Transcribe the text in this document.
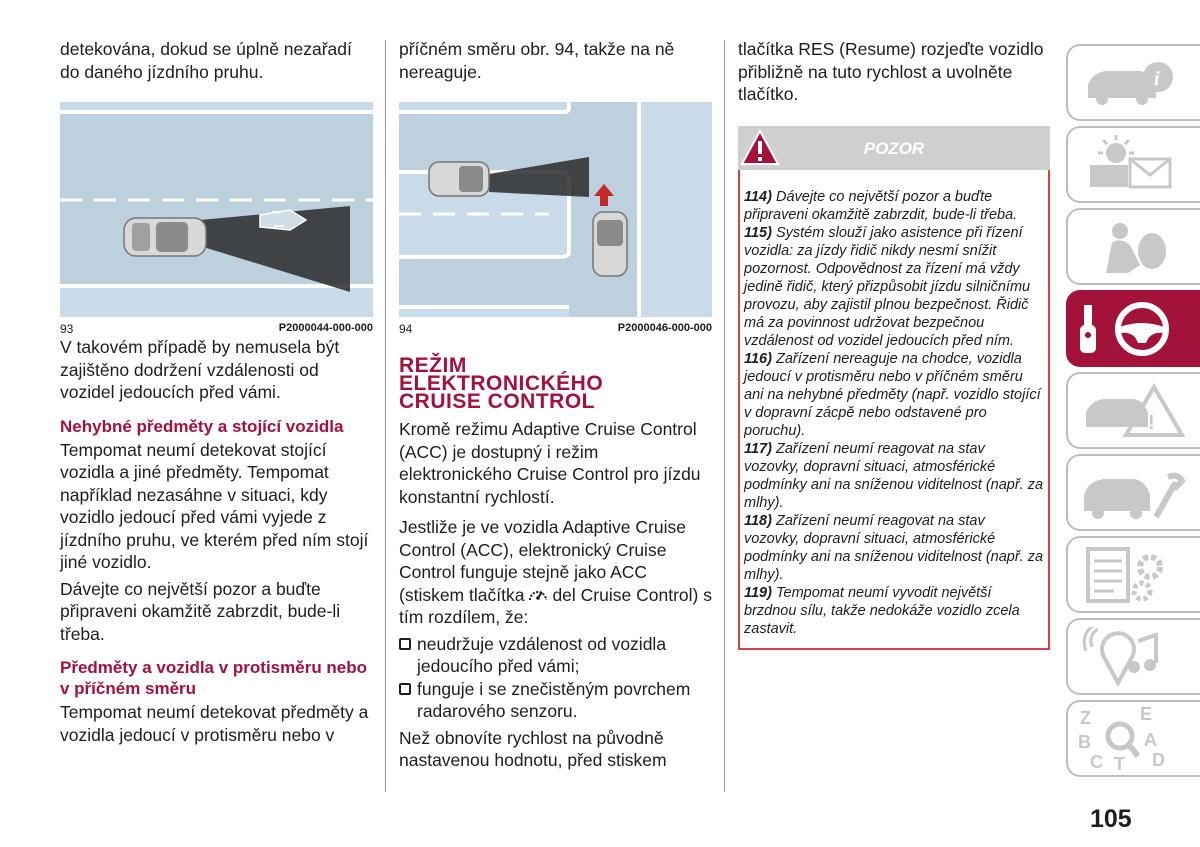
detekována, dokud se úplně nezařadí do daného jízdního pruhu.

93	P2000044-000-000

V takovém případě by nemusela být zajištěno dodržení vzdálenosti od vozidel jedoucích před vámi.

Nehybné předměty a stojící vozidla

Tempomat neumí detekovat stojící vozidla a jiné předměty. Tempomat například nezasáhne v situaci, kdy vozidlo jedoucí před vámi vyjede z jízdního pruhu, ve kterém před ním stojí jiné vozidlo.

Dávejte co největší pozor a buďte připraveni okamžitě zabrzdit, bude-li třeba.

Předměty a vozidla v protisměru nebo v příčném směru

Tempomat neumí detekovat předměty a vozidla jedoucí v protisměru nebo v

příčném směru obr. 94, takže na ně nereaguje.

94	P2000046-000-000
REŽIM
ELEKTRONICKÉHO
CRUISE CONTROL

Kromě režimu Adaptive Cruise Control (ACC) je dostupný i režim elektronického Cruise Control pro jízdu konstantní rychlostí.

Jestliže je ve vozidla Adaptive Cruise Control (ACC), elektronický Cruise Control funguje stejně jako ACC (stiskem tlačítka del Cruise Control) s tím rozdílem, že:

neudržuje vzdálenost od vozidla jedoucího před vámi;
funguje i se znečistěným povrchem radarového senzoru.

Než obnovíte rychlost na původně nastavenou hodnotu, před stiskem

tlačítka RES (Resume) rozjeďte vozidlo přibližně na tuto rychlost a uvolněte tlačítko.

POZOR

114) Dávejte co největší pozor a buďte připraveni okamžitě zabrzdit, bude-li třeba.

115) Systém slouží jako asistence při řízení vozidla: za jízdy řidič nikdy nesmí snížit pozornost. Odpovědnost za řízení má vždy jedině řidič, který přizpůsobit jízdu silničnímu provozu, aby zajistil plnou bezpečnost. Řidič má za povinnost udržovat bezpečnou vzdálenost od vozidel jedoucích před ním.

116) Zařízení nereaguje na chodce, vozidla jedoucí v protisměru nebo v příčném směru ani na nehybné předměty (např. vozidlo stojící v dopravní zácpě nebo odstavené pro poruchu).

117) Zařízení neumí reagovat na stav vozovky, dopravní situaci, atmosférické podmínky ani na sníženou viditelnost (např. za mlhy).

118) Zařízení neumí reagovat na stav vozovky, dopravní situaci, atmosférické podmínky ani na sníženou viditelnost (např. za mlhy).

119) Tempomat neumí vyvodit největší brzdnou sílu, takže nedokáže vozidlo zcela zastavit.

i
!
Z	E
B	A
C T D
105
